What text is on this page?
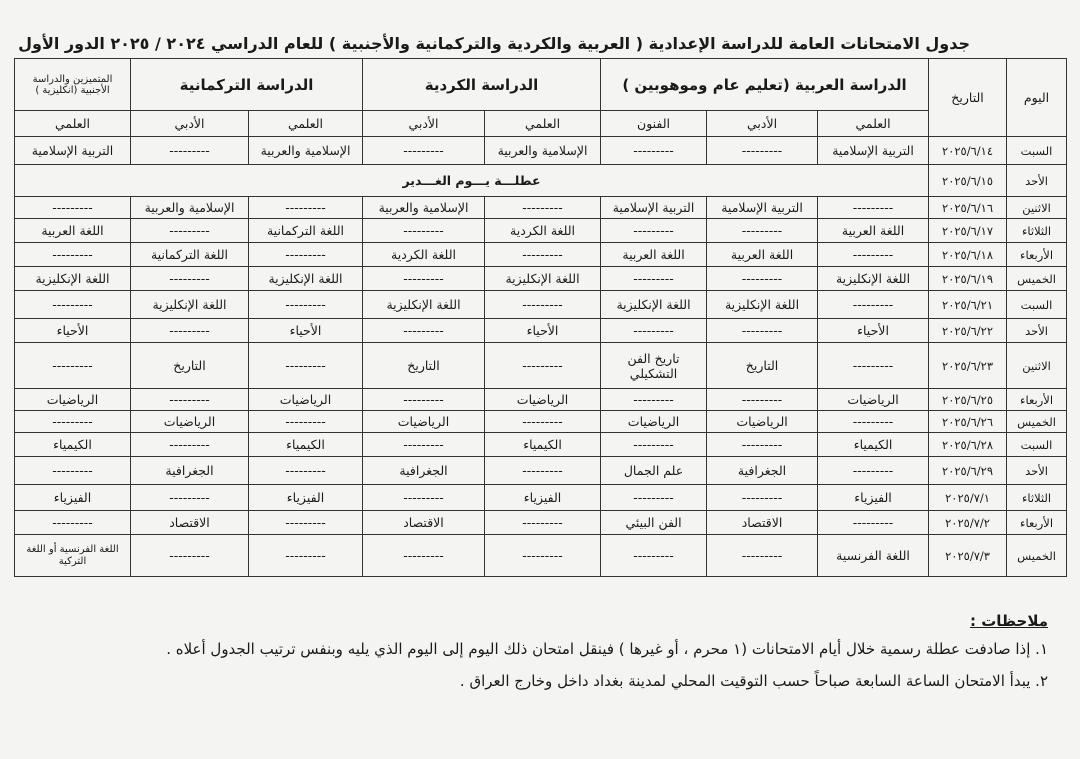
جدول الامتحانات العامة للدراسة الإعدادية ( العربية والكردية والتركمانية والأجنبية ) للعام الدراسي ٢٠٢٤ / ٢٠٢٥ الدور الأول
اليوم	التاريخ	الدراسة العربية (تعليم عام وموهوبين )			الدراسة الكردية		الدراسة التركمانية		المتميزين والدراسة الأجنبية (انكليزية )
		العلمي	الأدبي	الفنون	العلمي	الأدبي	العلمي	الأدبي	العلمي
السبت	٢٠٢٥/٦/١٤	التربية الإسلامية	---------	---------	الإسلامية والعربية	---------	الإسلامية والعربية	---------	التربية الإسلامية
الأحد	٢٠٢٥/٦/١٥	عطلـــة يـــوم الغـــدير							
الاثنين	٢٠٢٥/٦/١٦	---------	التربية الإسلامية	التربية الإسلامية	---------	الإسلامية والعربية	---------	الإسلامية والعربية	---------
الثلاثاء	٢٠٢٥/٦/١٧	اللغة العربية	---------	---------	اللغة الكردية	---------	اللغة التركمانية	---------	اللغة العربية
الأربعاء	٢٠٢٥/٦/١٨	---------	اللغة العربية	اللغة العربية	---------	اللغة الكردية	---------	اللغة التركمانية	---------
الخميس	٢٠٢٥/٦/١٩	اللغة الإنكليزية	---------	---------	اللغة الإنكليزية	---------	اللغة الإنكليزية	---------	اللغة الإنكليزية
السبت	٢٠٢٥/٦/٢١	---------	اللغة الإنكليزية	اللغة الإنكليزية	---------	اللغة الإنكليزية	---------	اللغة الإنكليزية	---------
الأحد	٢٠٢٥/٦/٢٢	الأحياء	---------	---------	الأحياء	---------	الأحياء	---------	الأحياء
الاثنين	٢٠٢٥/٦/٢٣	---------	التاريخ	تاريخ الفن التشكيلي	---------	التاريخ	---------	التاريخ	---------
الأربعاء	٢٠٢٥/٦/٢٥	الرياضيات	---------	---------	الرياضيات	---------	الرياضيات	---------	الرياضيات
الخميس	٢٠٢٥/٦/٢٦	---------	الرياضيات	الرياضيات	---------	الرياضيات	---------	الرياضيات	---------
السبت	٢٠٢٥/٦/٢٨	الكيمياء	---------	---------	الكيمياء	---------	الكيمياء	---------	الكيمياء
الأحد	٢٠٢٥/٦/٢٩	---------	الجغرافية	علم الجمال	---------	الجغرافية	---------	الجغرافية	---------
الثلاثاء	٢٠٢٥/٧/١	الفيزياء	---------	---------	الفيزياء	---------	الفيزياء	---------	الفيزياء
الأربعاء	٢٠٢٥/٧/٢	---------	الاقتصاد	الفن البيئي	---------	الاقتصاد	---------	الاقتصاد	---------
الخميس	٢٠٢٥/٧/٣	اللغة الفرنسية	---------	---------	---------	---------	---------	---------	اللغة الفرنسية أو اللغة التركية
ملاحظات :
١. إذا صادفت عطلة رسمية خلال أيام الامتحانات (١ محرم ، أو غيرها ) فينقل امتحان ذلك اليوم إلى اليوم الذي يليه وبنفس ترتيب الجدول أعلاه .
٢. يبدأ الامتحان الساعة السابعة صباحاً حسب التوقيت المحلي لمدينة بغداد داخل وخارج العراق .
